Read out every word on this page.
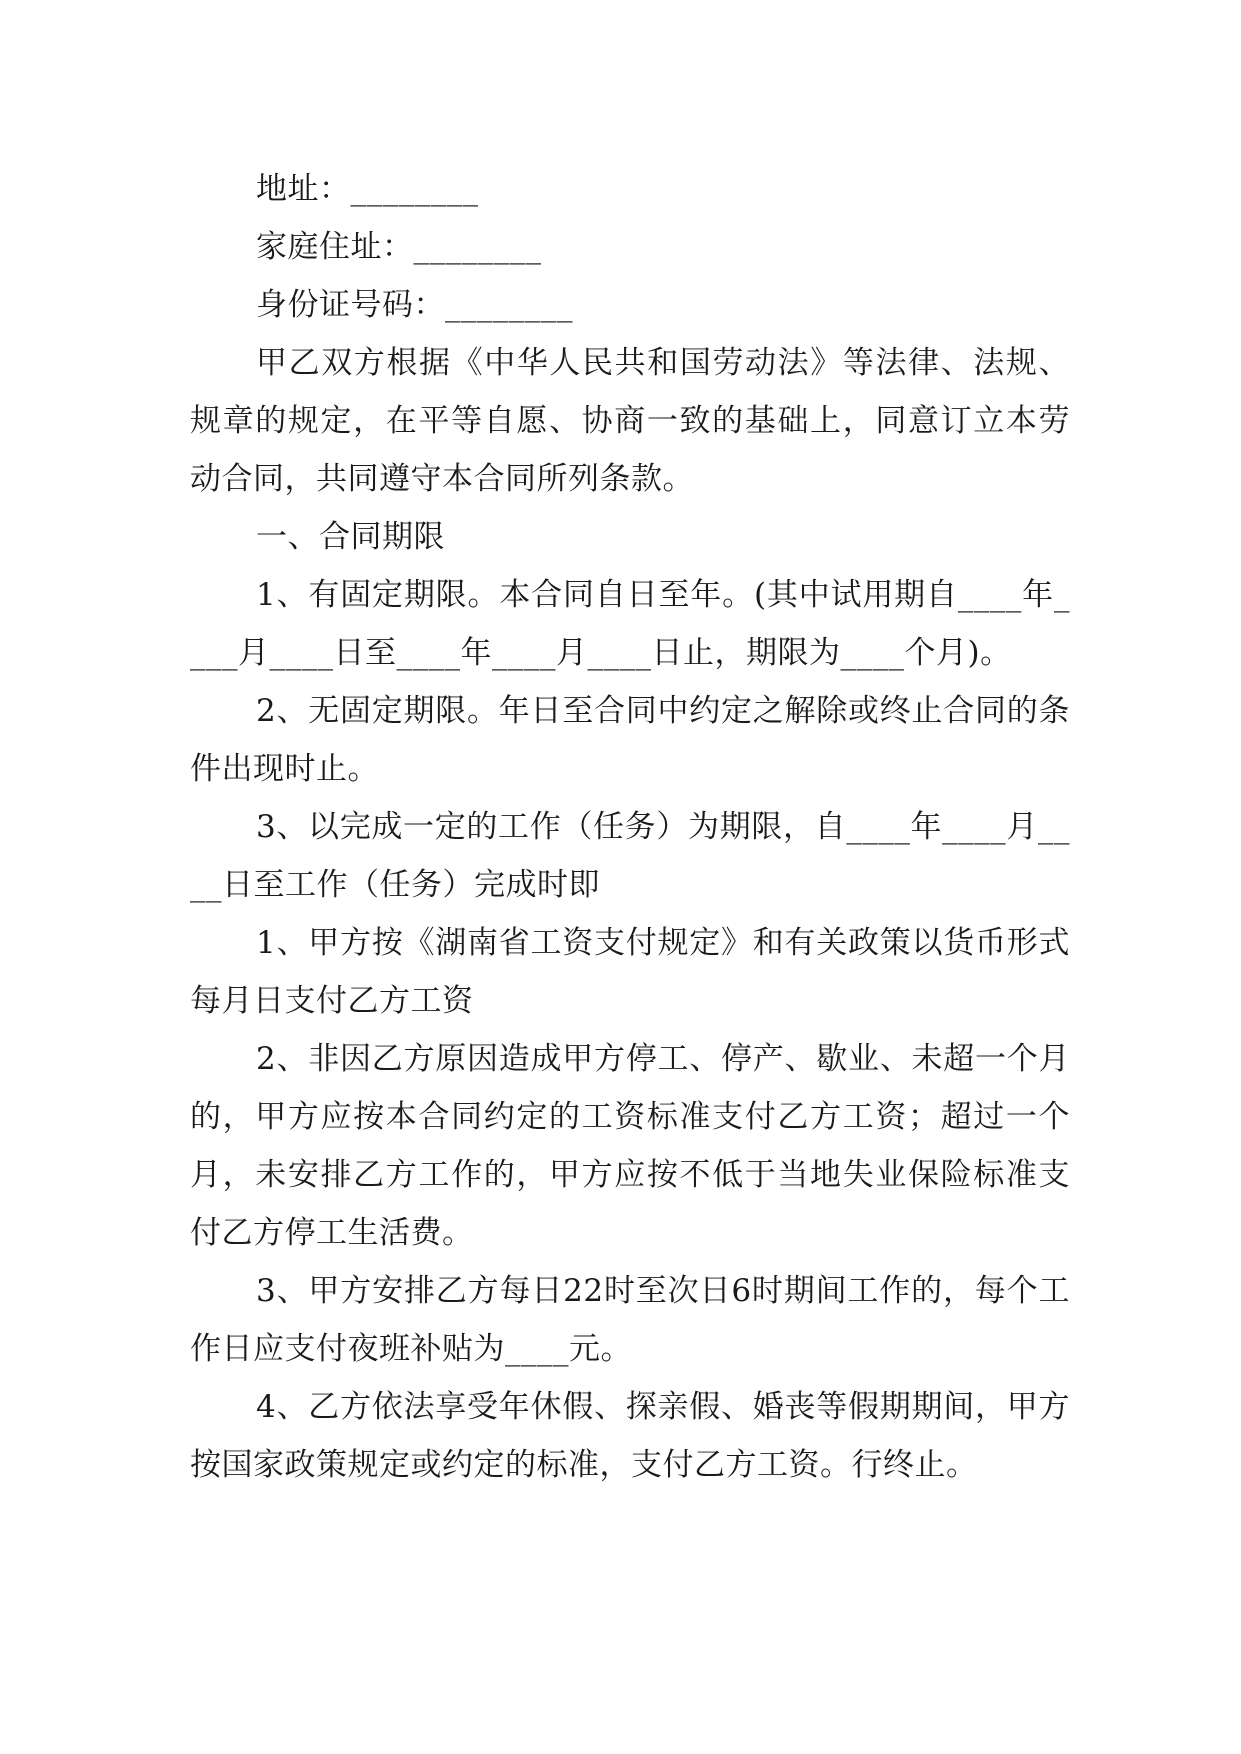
地址：________

家庭住址：________

身份证号码：________

甲乙双方根据《中华人民共和国劳动法》等法律、法规、规章的规定，在平等自愿、协商一致的基础上，同意订立本劳动合同，共同遵守本合同所列条款。

一、合同期限

1、有固定期限。本合同自日至年。(其中试用期自____年____月____日至____年____月____日止，期限为____个月)。

2、无固定期限。年日至合同中约定之解除或终止合同的条件出现时止。

3、以完成一定的工作（任务）为期限，自____年____月____日至工作（任务）完成时即

1、甲方按《湖南省工资支付规定》和有关政策以货币形式每月日支付乙方工资

2、非因乙方原因造成甲方停工、停产、歇业、未超一个月的，甲方应按本合同约定的工资标准支付乙方工资；超过一个月，未安排乙方工作的，甲方应按不低于当地失业保险标准支付乙方停工生活费。

3、甲方安排乙方每日22时至次日6时期间工作的，每个工作日应支付夜班补贴为____元。

4、乙方依法享受年休假、探亲假、婚丧等假期期间，甲方按国家政策规定或约定的标准，支付乙方工资。行终止。
